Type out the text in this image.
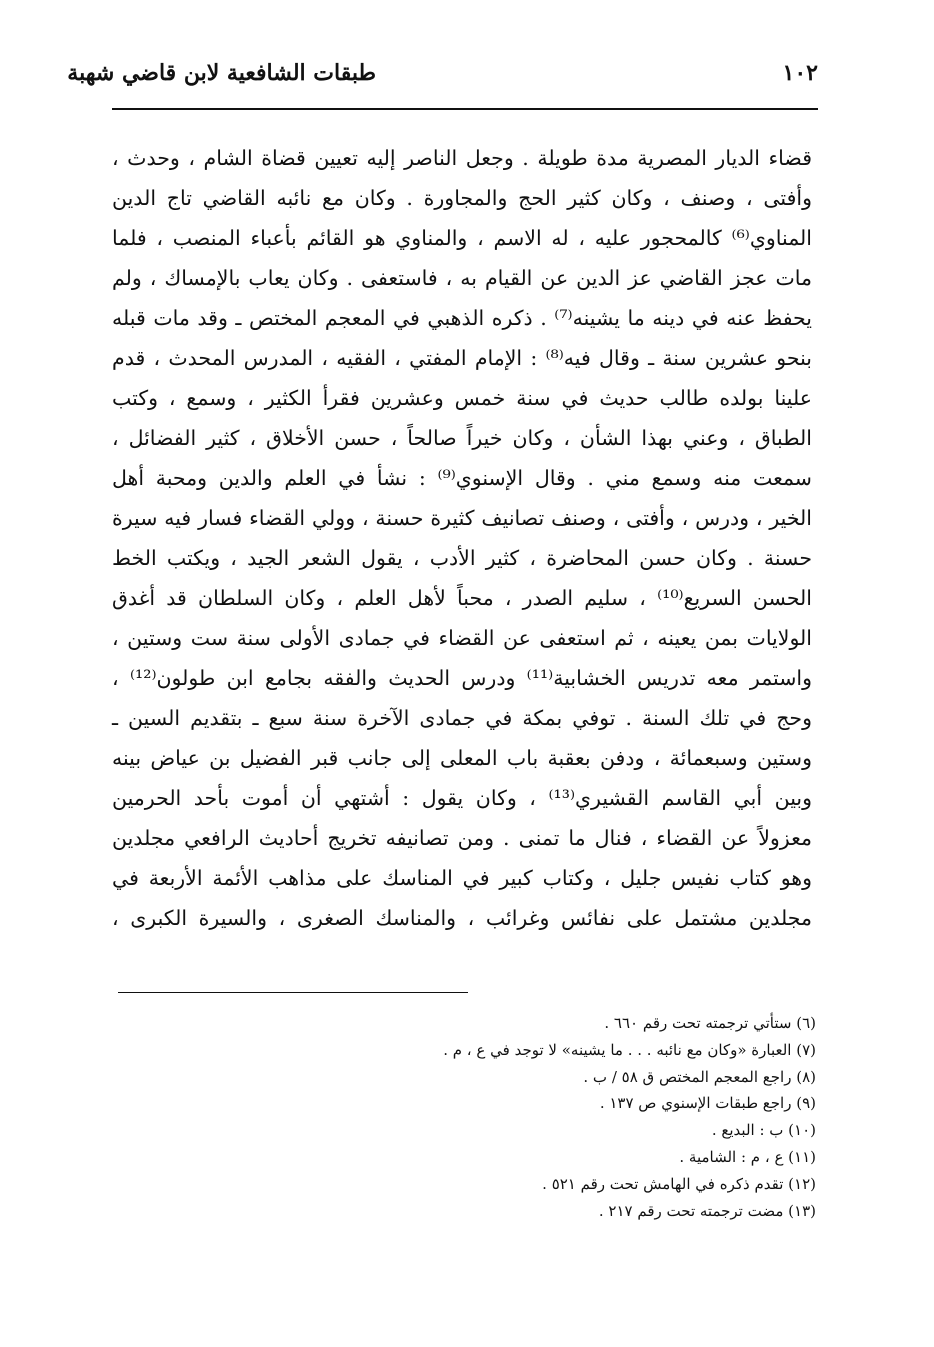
١٠٢
طبقات الشافعية لابن قاضي شهبة
قضاء الديار المصرية مدة طويلة . وجعل الناصر إليه تعيين قضاة الشام ، وحدث ،
وأفتى ، وصنف ، وكان كثير الحج والمجاورة . وكان مع نائبه القاضي تاج الدين
المناوي⁽⁶⁾ كالمحجور عليه ، له الاسم ، والمناوي هو القائم بأعباء المنصب ، فلما
مات عجز القاضي عز الدين عن القيام به ، فاستعفى . وكان يعاب بالإمساك ، ولم
يحفظ عنه في دينه ما يشينه⁽⁷⁾ . ذكره الذهبي في المعجم المختص ـ وقد مات قبله
بنحو عشرين سنة ـ وقال فيه⁽⁸⁾ : الإمام المفتي ، الفقيه ، المدرس المحدث ، قدم
علينا بولده طالب حديث في سنة خمس وعشرين فقرأ الكثير ، وسمع ، وكتب
الطباق ، وعني بهذا الشأن ، وكان خيراً صالحاً ، حسن الأخلاق ، كثير الفضائل ،
سمعت منه وسمع مني . وقال الإسنوي⁽⁹⁾ : نشأ في العلم والدين ومحبة أهل
الخير ، ودرس ، وأفتى ، وصنف تصانيف كثيرة حسنة ، وولي القضاء فسار فيه سيرة
حسنة . وكان حسن المحاضرة ، كثير الأدب ، يقول الشعر الجيد ، ويكتب الخط
الحسن السريع⁽¹⁰⁾ ، سليم الصدر ، محباً لأهل العلم ، وكان السلطان قد أغدق
الولايات بمن يعينه ، ثم استعفى عن القضاء في جمادى الأولى سنة ست وستين ،
واستمر معه تدريس الخشابية⁽¹¹⁾ ودرس الحديث والفقه بجامع ابن طولون⁽¹²⁾ ،
وحج في تلك السنة . توفي بمكة في جمادى الآخرة سنة سبع ـ بتقديم السين ـ
وستين وسبعمائة ، ودفن بعقبة باب المعلى إلى جانب قبر الفضيل بن عياض بينه
وبين أبي القاسم القشيري⁽¹³⁾ ، وكان يقول : أشتهي أن أموت بأحد الحرمين
معزولاً عن القضاء ، فنال ما تمنى . ومن تصانيفه تخريج أحاديث الرافعي مجلدين
وهو كتاب نفيس جليل ، وكتاب كبير في المناسك على مذاهب الأئمة الأربعة في
مجلدين مشتمل على نفائس وغرائب ، والمناسك الصغرى ، والسيرة الكبرى ،
(٦) ستأتي ترجمته تحت رقم ٦٦٠ .
(٧) العبارة «وكان مع نائبه . . . ما يشينه» لا توجد في ع ، م .
(٨) راجع المعجم المختص ق ٥٨ / ب .
(٩) راجع طبقات الإسنوي ص ١٣٧ .
(١٠) ب : البديع .
(١١) ع ، م : الشامية .
(١٢) تقدم ذكره في الهامش تحت رقم ٥٢١ .
(١٣) مضت ترجمته تحت رقم ٢١٧ .
